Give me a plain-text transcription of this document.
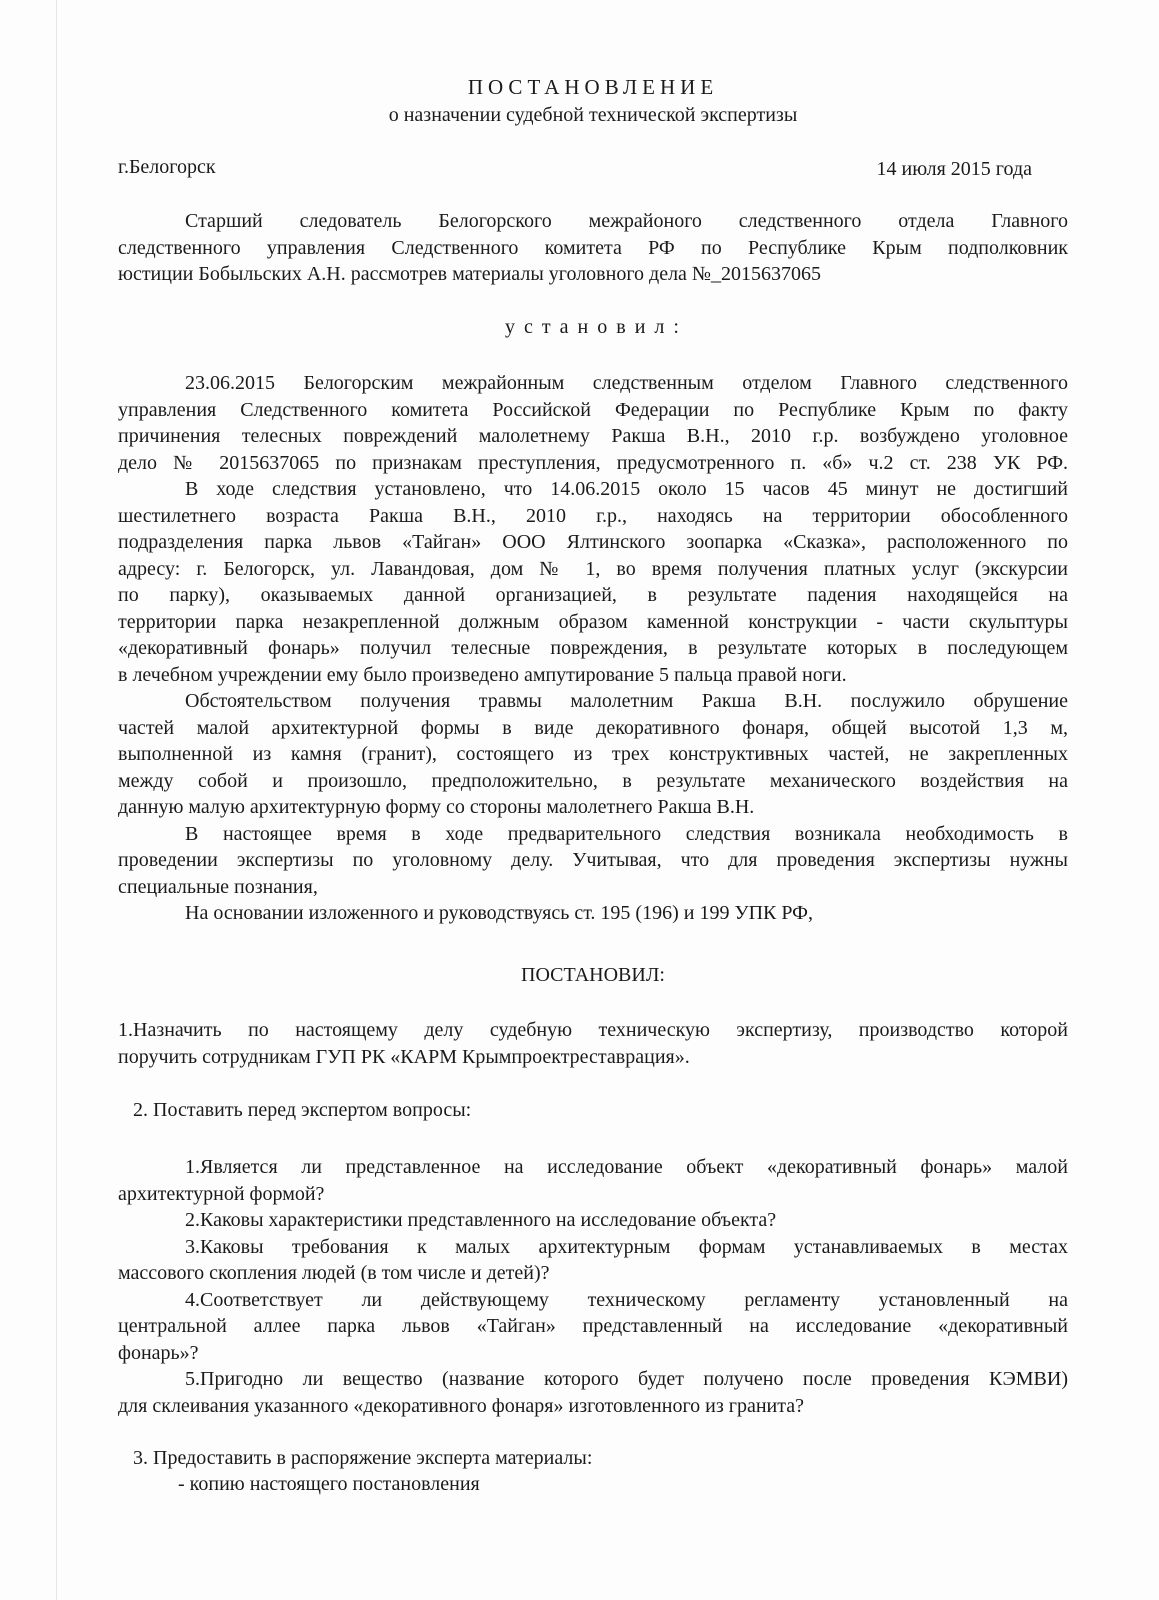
ПОСТАНОВЛЕНИЕ
о назначении судебной технической экспертизы
г.Белогорск	14 июля 2015 года
Старший следователь Белогорского межрайоного следственного отдела Главного
следственного управления Следственного комитета РФ по Республике Крым подполковник
юстиции Бобыльских А.Н. рассмотрев материалы уголовного дела №_2015637065
у с т а н о в и л :
23.06.2015 Белогорским межрайонным следственным отделом Главного следственного
управления Следственного комитета Российской Федерации по Республике Крым по факту
причинения телесных повреждений малолетнему Ракша В.Н., 2010 г.р. возбуждено уголовное
дело № 2015637065 по признакам преступления, предусмотренного п. «б» ч.2 ст. 238 УК РФ.
В ходе следствия установлено, что 14.06.2015 около 15 часов 45 минут не достигший
шестилетнего возраста Ракша В.Н., 2010 г.р., находясь на территории обособленного
подразделения парка львов «Тайган» ООО Ялтинского зоопарка «Сказка», расположенного по
адресу: г. Белогорск, ул. Лавандовая, дом № 1, во время получения платных услуг (экскурсии
по парку), оказываемых данной организацией, в результате падения находящейся на
территории парка незакрепленной должным образом каменной конструкции - части скульптуры
«декоративный фонарь» получил телесные повреждения, в результате которых в последующем
в лечебном учреждении ему было произведено ампутирование 5 пальца правой ноги.
Обстоятельством получения травмы малолетним Ракша В.Н. послужило обрушение
частей малой архитектурной формы в виде декоративного фонаря, общей высотой 1,3 м,
выполненной из камня (гранит), состоящего из трех конструктивных частей, не закрепленных
между собой и произошло, предположительно, в результате механического воздействия на
данную малую архитектурную форму со стороны малолетнего Ракша В.Н.
В настоящее время в ходе предварительного следствия возникала необходимость в
проведении экспертизы по уголовному делу. Учитывая, что для проведения экспертизы нужны
специальные познания,
На основании изложенного и руководствуясь ст. 195 (196) и 199 УПК РФ,
ПОСТАНОВИЛ:
1.Назначить по настоящему делу судебную техническую экспертизу, производство которой
поручить сотрудникам ГУП РК «КАРМ Крымпроектреставрация».
2. Поставить перед экспертом вопросы:
1.Является ли представленное на исследование объект «декоративный фонарь» малой
архитектурной формой?
2.Каковы характеристики представленного на исследование объекта?
3.Каковы требования к малых архитектурным формам устанавливаемых в местах
массового скопления людей (в том числе и детей)?
4.Соответствует ли действующему техническому регламенту установленный на
центральной аллее парка львов «Тайган» представленный на исследование «декоративный
фонарь»?
5.Пригодно ли вещество (название которого будет получено после проведения КЭМВИ)
для склеивания указанного «декоративного фонаря» изготовленного из гранита?
3. Предоставить в распоряжение эксперта материалы:
- копию настоящего постановления
